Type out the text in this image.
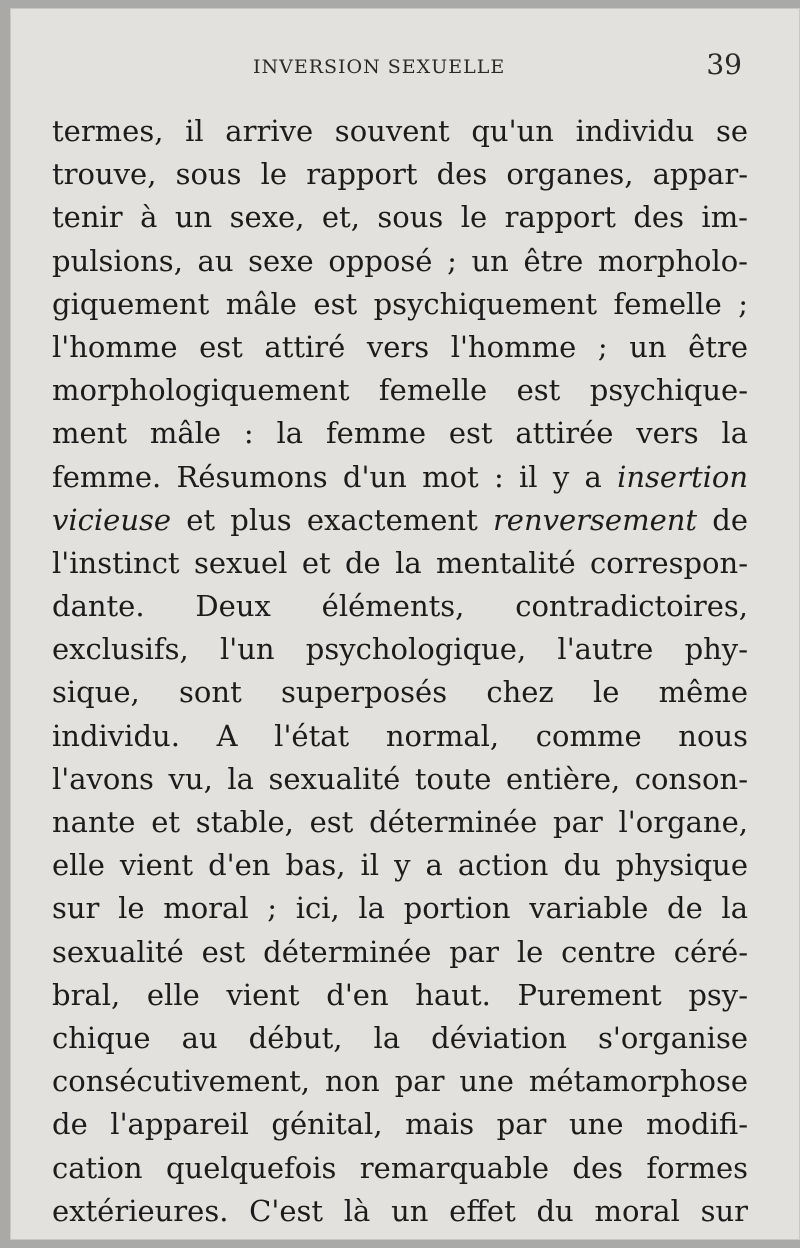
INVERSION SEXUELLE	39
termes, il arrive souvent qu'un individu se
trouve, sous le rapport des organes, appar-
tenir à un sexe, et, sous le rapport des im-
pulsions, au sexe opposé ; un être morpholo-
giquement mâle est psychiquement femelle ;
l'homme est attiré vers l'homme ; un être
morphologiquement femelle est psychique-
ment mâle : la femme est attirée vers la
femme. Résumons d'un mot : il y a insertion
vicieuse et plus exactement renversement de
l'instinct sexuel et de la mentalité correspon-
dante. Deux éléments, contradictoires,
exclusifs, l'un psychologique, l'autre phy-
sique, sont superposés chez le même
individu. A l'état normal, comme nous
l'avons vu, la sexualité toute entière, conson-
nante et stable, est déterminée par l'organe,
elle vient d'en bas, il y a action du physique
sur le moral ; ici, la portion variable de la
sexualité est déterminée par le centre céré-
bral, elle vient d'en haut. Purement psy-
chique au début, la déviation s'organise
consécutivement, non par une métamorphose
de l'appareil génital, mais par une modifi-
cation quelquefois remarquable des formes
extérieures. C'est là un effet du moral sur
